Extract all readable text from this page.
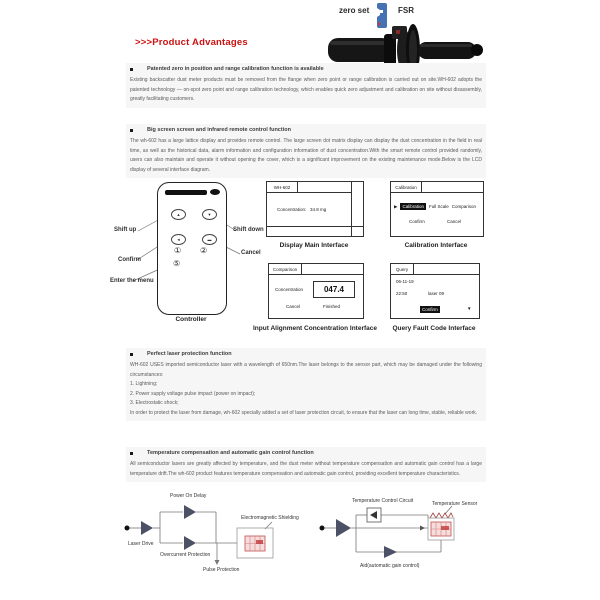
zero set	FSR
>>>Product Advantages
Patented zero in position and range calibration function is available
Existing backscatter dust meter products must be removed from the flange when zero point or range calibration is carried out on site.WH-602 adopts the patented technology — on-spot zero point and range calibration technology, which enables quick zero adjustment and calibration on site without disassembly, greatly facilitating customers.
Big screen screen and infrared remote control function
The wh-602 has a large lattice display and provides remote control. The large screen dot matrix display can display the dust concentration in the field in real time, as well as the historical data, alarm information and configuration information of dust concentration.With the smart remote control provided randomly, users can also maintain and operate it without opening the cover, which is a significant improvement on the existing maintenance mode.Below is the LCD display of several interface diagram.
▲	▼
◄	▬
① ②
⑤
Shift up	Shift down
Confirm
Cancel
Enter the menu
Controller
WH-602
Concentration: 34.8 mg
Display Main Interface
Calibration
▶	Calibration	Full Scale Comparison
Confirm	Cancel
Calibration Interface
Comparison
Concentration	047.4
Cancel	Finished
Input Alignment Concentration Interface
Query
06-11-19
22:50	laser 09
Confirm	▼
Query Fault Code Interface
Perfect laser protection function
WH-602 USES imported semiconductor laser with a wavelength of 650nm.The laser belongs to the sensor part, which may be damaged under the following circumstances:
1. Lightning;
2. Power supply voltage pulse impact (power on impact);
3. Electrostatic shock;
In order to protect the laser from damage, wh-602 specially added a set of laser protection circuit, to ensure that the laser can long time, stable, reliable work.
Temperature compensation and automatic gain control function
All semiconductor lasers are greatly affected by temperature, and the dust meter without temperature compensation and automatic gain control has a large temperature drift.The wh-602 product features temperature compensation and automatic gain control, providing excellent temperature characteristics.
Laser Drive
Power On Delay
Overcurrent Protection
Pulse Protection
Electromagnetic Shielding
Temperature Control Circuit	Temperature Sensor
Aid(automatic gain control)
